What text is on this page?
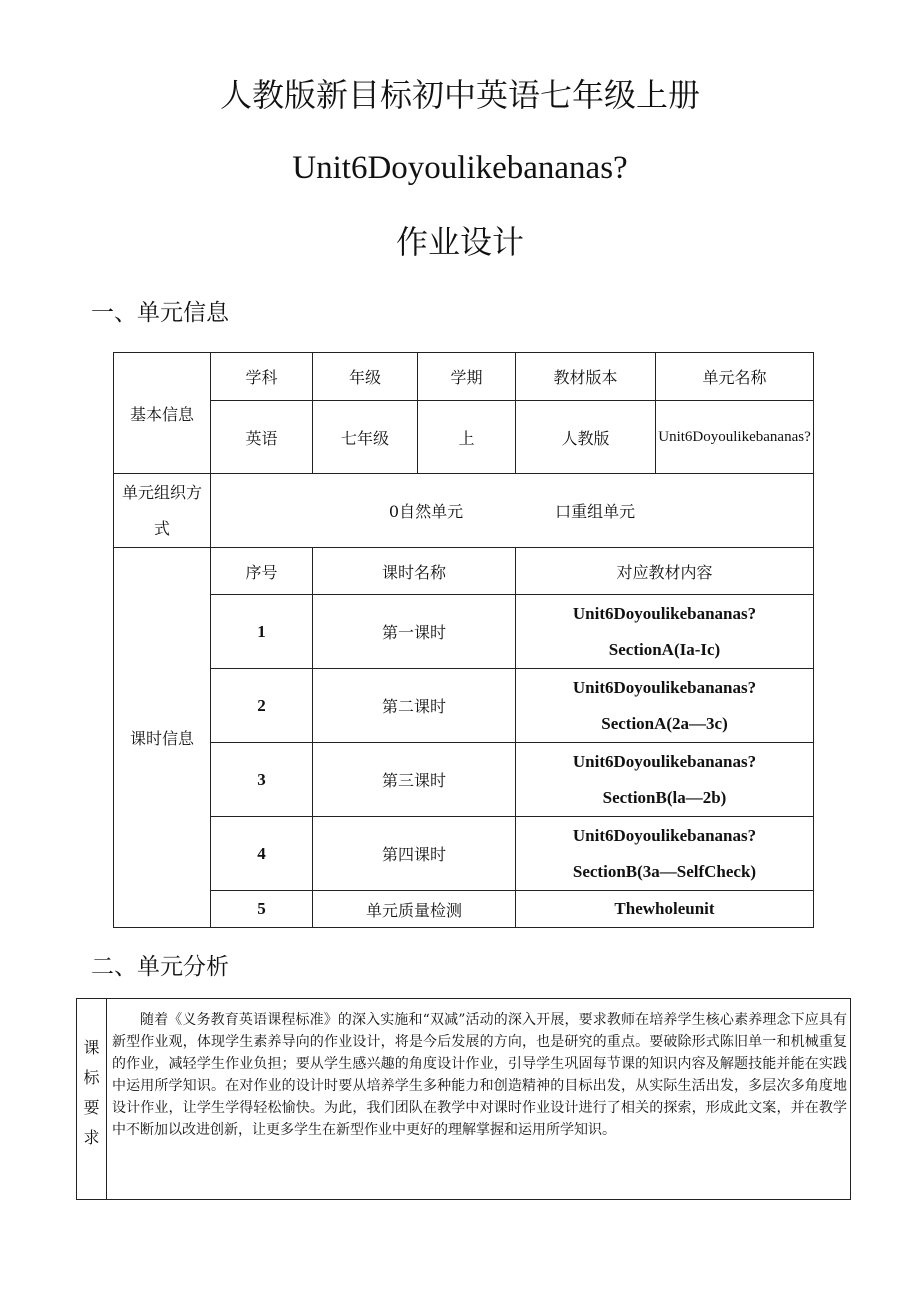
人教版新目标初中英语七年级上册
Unit6Doyoulikebananas?
作业设计
一、单元信息
基本信息	学科	年级	学期	教材版本	单元名称
	英语	七年级	上	人教版	Unit6Doyoulikebananas?
单元组织方式	0自然单元 口重组单元				
课时信息	序号	课时名称		对应教材内容	
	1	第一课时		Unit6Doyoulikebananas?
SectionA(Ia-Ic)	

	2	第二课时		Unit6Doyoulikebananas?
SectionA(2a—3c)	

	3	第三课时		Unit6Doyoulikebananas?
SectionB(la—2b)	

	4	第四课时		Unit6Doyoulikebananas?
SectionB(3a—SelfCheck)	

	5	单元质量检测		Thewholeunit	
二、单元分析
课
标
要
求
	随着《义务教育英语课程标准》的深入实施和“双减”活动的深入开展，要求教师在培养学生核心素养理念下应具有新型作业观，体现学生素养导向的作业设计，将是今后发展的方向，也是研究的重点。要破除形式陈旧单一和机械重复的作业，减轻学生作业负担；要从学生感兴趣的角度设计作业，引导学生巩固每节课的知识内容及解题技能并能在实践中运用所学知识。在对作业的设计时要从培养学生多种能力和创造精神的目标出发，从实际生活出发，多层次多角度地设计作业，让学生学得轻松愉快。为此，我们团队在教学中对课时作业设计进行了相关的探索，形成此文案，并在教学中不断加以改进创新，让更多学生在新型作业中更好的理解掌握和运用所学知识。
